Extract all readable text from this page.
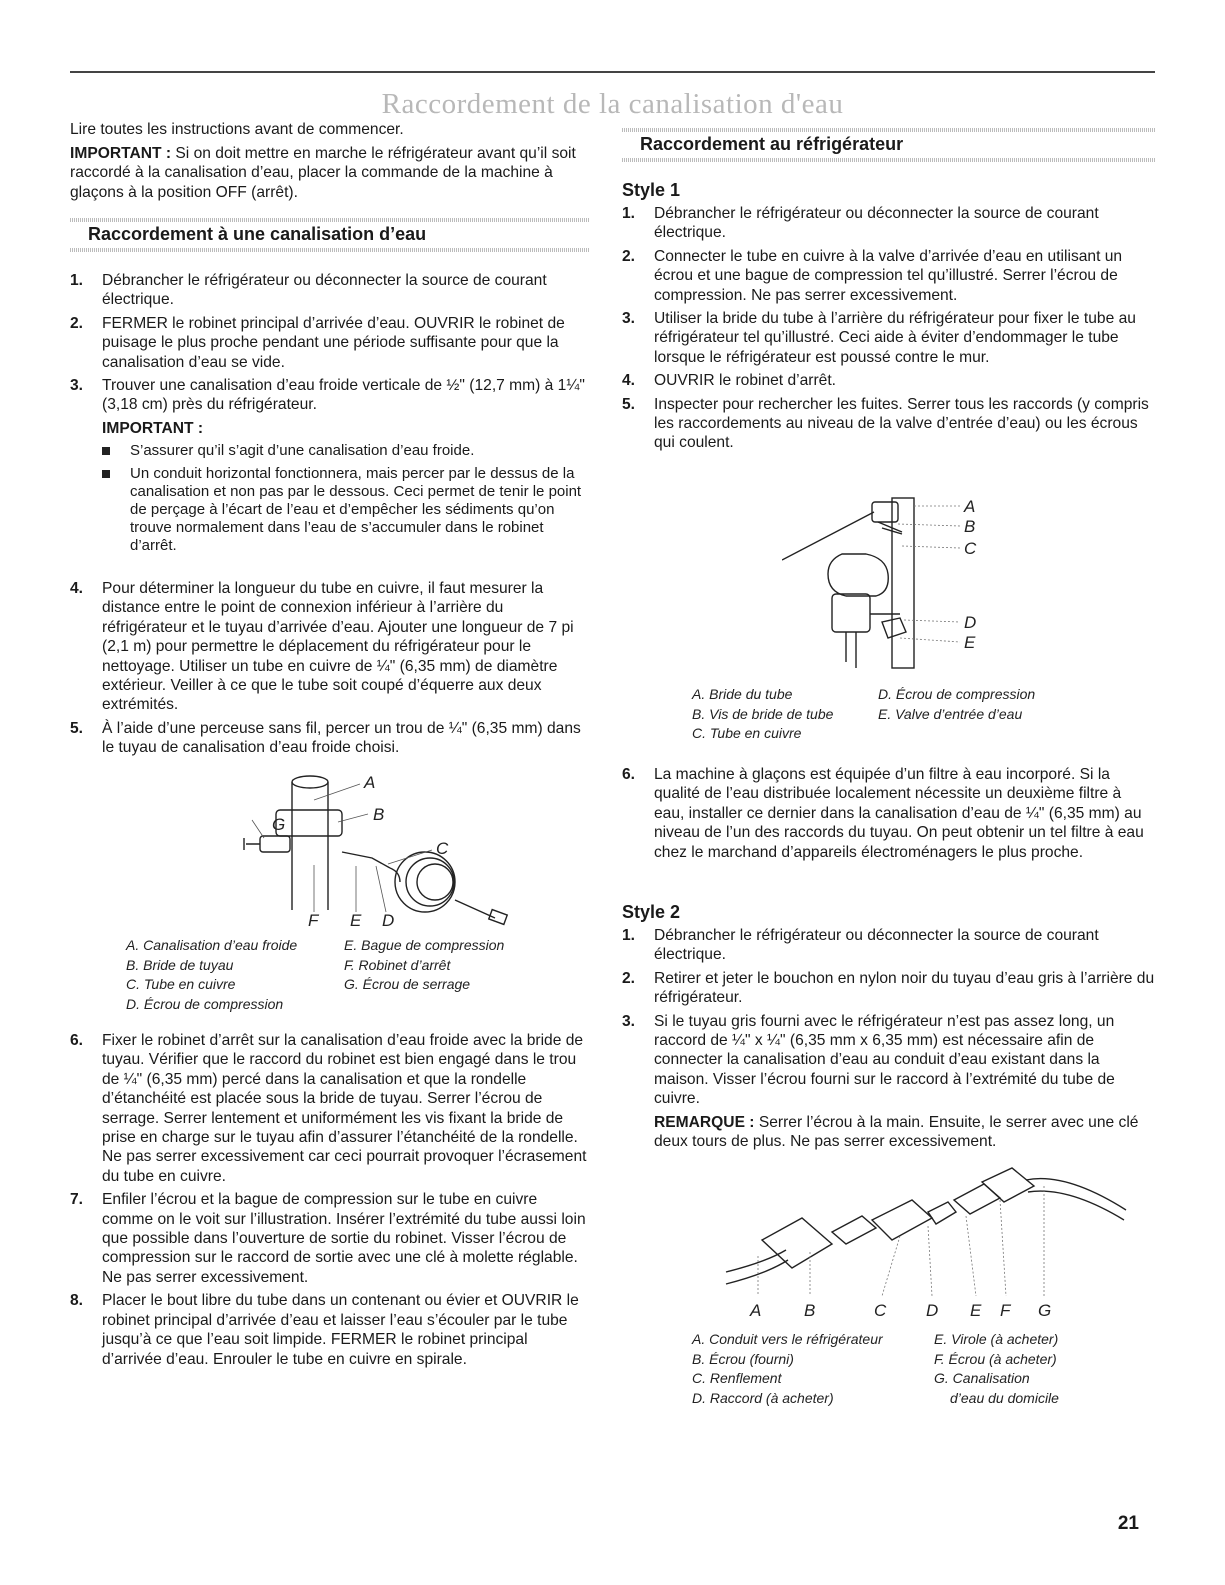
Raccordement de la canalisation d'eau

Lire toutes les instructions avant de commencer.

IMPORTANT : Si on doit mettre en marche le réfrigérateur avant qu’il soit raccordé à la canalisation d’eau, placer la commande de la machine à glaçons à la position OFF (arrêt).

Raccordement à une canalisation d’eau
1. Débrancher le réfrigérateur ou déconnecter la source de courant électrique.
2. FERMER le robinet principal d’arrivée d’eau. OUVRIR le robinet de puisage le plus proche pendant une période suffisante pour que la canalisation d’eau se vide.
3. Trouver une canalisation d’eau froide verticale de ½" (12,7 mm) à 1¼" (3,18 cm) près du réfrigérateur.
IMPORTANT :
S’assurer qu’il s’agit d’une canalisation d’eau froide.
Un conduit horizontal fonctionnera, mais percer par le dessus de la canalisation et non pas par le dessous. Ceci permet de tenir le point de perçage à l’écart de l’eau et d’empêcher les sédiments qu’on trouve normalement dans l’eau de s’accumuler dans le robinet d’arrêt.
4. Pour déterminer la longueur du tube en cuivre, il faut mesurer la distance entre le point de connexion inférieur à l’arrière du réfrigérateur et le tuyau d’arrivée d’eau. Ajouter une longueur de 7 pi (2,1 m) pour permettre le déplacement du réfrigérateur pour le nettoyage. Utiliser un tube en cuivre de ¼" (6,35 mm) de diamètre extérieur. Veiller à ce que le tube soit coupé d’équerre aux deux extrémités.
5. À l’aide d’une perceuse sans fil, percer un trou de ¼" (6,35 mm) dans le tuyau de canalisation d’eau froide choisi.
A
B
C
D
E
F
G
A. Canalisation d’eau froide
B. Bride de tuyau
C. Tube en cuivre
D. Écrou de compression
E. Bague de compression
F. Robinet d’arrêt
G. Écrou de serrage
6. Fixer le robinet d’arrêt sur la canalisation d’eau froide avec la bride de tuyau. Vérifier que le raccord du robinet est bien engagé dans le trou de ¼" (6,35 mm) percé dans la canalisation et que la rondelle d’étanchéité est placée sous la bride de tuyau. Serrer l’écrou de serrage. Serrer lentement et uniformément les vis fixant la bride de prise en charge sur le tuyau afin d’assurer l’étanchéité de la rondelle. Ne pas serrer excessivement car ceci pourrait provoquer l’écrasement du tube en cuivre.
7. Enfiler l’écrou et la bague de compression sur le tube en cuivre comme on le voit sur l’illustration. Insérer l’extrémité du tube aussi loin que possible dans l’ouverture de sortie du robinet. Visser l’écrou de compression sur le raccord de sortie avec une clé à molette réglable. Ne pas serrer excessivement.
8. Placer le bout libre du tube dans un contenant ou évier et OUVRIR le robinet principal d’arrivée d’eau et laisser l’eau s’écouler par le tube jusqu’à ce que l’eau soit limpide. FERMER le robinet principal d’arrivée d’eau. Enrouler le tube en cuivre en spirale.
Raccordement au réfrigérateur
Style 1
1. Débrancher le réfrigérateur ou déconnecter la source de courant électrique.
2. Connecter le tube en cuivre à la valve d’arrivée d’eau en utilisant un écrou et une bague de compression tel qu’illustré. Serrer l’écrou de compression. Ne pas serrer excessivement.
3. Utiliser la bride du tube à l’arrière du réfrigérateur pour fixer le tube au réfrigérateur tel qu’illustré. Ceci aide à éviter d’endommager le tube lorsque le réfrigérateur est poussé contre le mur.
4. OUVRIR le robinet d’arrêt.
5. Inspecter pour rechercher les fuites. Serrer tous les raccords (y compris les raccordements au niveau de la valve d’entrée d’eau) ou les écrous qui coulent.
A
B
C
D
E
A. Bride du tube
B. Vis de bride de tube
C. Tube en cuivre
D. Écrou de compression
E. Valve d’entrée d’eau
6. La machine à glaçons est équipée d’un filtre à eau incorporé. Si la qualité de l’eau distribuée localement nécessite un deuxième filtre à eau, installer ce dernier dans la canalisation d’eau de ¼" (6,35 mm) au niveau de l’un des raccords du tuyau. On peut obtenir un tel filtre à eau chez le marchand d’appareils électroménagers le plus proche.
Style 2
1. Débrancher le réfrigérateur ou déconnecter la source de courant électrique.
2. Retirer et jeter le bouchon en nylon noir du tuyau d’eau gris à l’arrière du réfrigérateur.
3. Si le tuyau gris fourni avec le réfrigérateur n’est pas assez long, un raccord de ¼" x ¼" (6,35 mm x 6,35 mm) est nécessaire afin de connecter la canalisation d’eau au conduit d’eau existant dans la maison. Visser l’écrou fourni sur le raccord à l’extrémité du tube de cuivre.

REMARQUE : Serrer l’écrou à la main. Ensuite, le serrer avec une clé deux tours de plus. Ne pas serrer excessivement.

A	B	C D E F G
A. Conduit vers le réfrigérateur
B. Écrou (fourni)
C. Renflement
D. Raccord (à acheter)
E. Virole (à acheter)
F. Écrou (à acheter)
G. Canalisation
d’eau du domicile
21
